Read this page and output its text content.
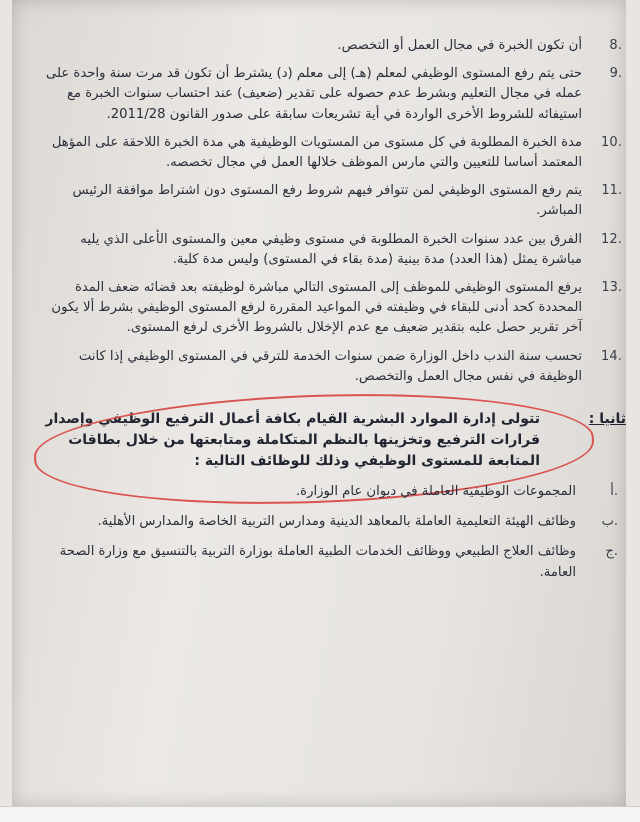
8.
أن تكون الخبرة في مجال العمل أو التخصص.
9.
حتى يتم رفع المستوى الوظيفي لمعلم (هـ) إلى معلم (د) يشترط أن تكون قد مرت سنة واحدة على عمله في مجال التعليم وبشرط عدم حصوله على تقدير (ضعيف) عند احتساب سنوات الخبرة مع استيفائه للشروط الأخرى الواردة في أية تشريعات سابقة على صدور القانون 2011/28.
10.
مدة الخبرة المطلوبة في كل مستوى من المستويات الوظيفية هي مدة الخبرة اللاحقة على المؤهل المعتمد أساسا للتعيين والتي مارس الموظف خلالها العمل في مجال تخصصه.
11.
يتم رفع المستوى الوظيفي لمن تتوافر فيهم شروط رفع المستوى دون اشتراط موافقة الرئيس المباشر.
12.
الفرق بين عدد سنوات الخبرة المطلوبة في مستوى وظيفي معين والمستوى الأعلى الذي يليه مباشرة يمثل (هذا العدد) مدة بينية (مدة بقاء في المستوى) وليس مدة كلية.
13.
يرفع المستوى الوظيفي للموظف إلى المستوى التالي مباشرة لوظيفته بعد قضائه ضعف المدة المحددة كحد أدنى للبقاء في وظيفته في المواعيد المقررة لرفع المستوى الوظيفي بشرط ألا يكون آخر تقرير حصل عليه بتقدير ضعيف مع عدم الإخلال بالشروط الأخرى لرفع المستوى.
14.
تحسب سنة الندب داخل الوزارة ضمن سنوات الخدمة للترقي في المستوى الوظيفي إذا كانت الوظيفة في نفس مجال العمل والتخصص.
ثانيا :
تتولى إدارة الموارد البشرية القيام بكافة أعمال الترفيع الوظيفي وإصدار قرارات الترفيع وتخزينها بالنظم المتكاملة ومتابعتها من خلال بطاقات المتابعة للمستوى الوظيفي وذلك للوظائف التالية :
أ.
المجموعات الوظيفية العاملة في ديوان عام الوزارة.
ب.
وظائف الهيئة التعليمية العاملة بالمعاهد الدينية ومدارس التربية الخاصة والمدارس الأهلية.
ج.
وظائف العلاج الطبيعي ووظائف الخدمات الطبية العاملة بوزارة التربية بالتنسيق مع وزارة الصحة العامة.
